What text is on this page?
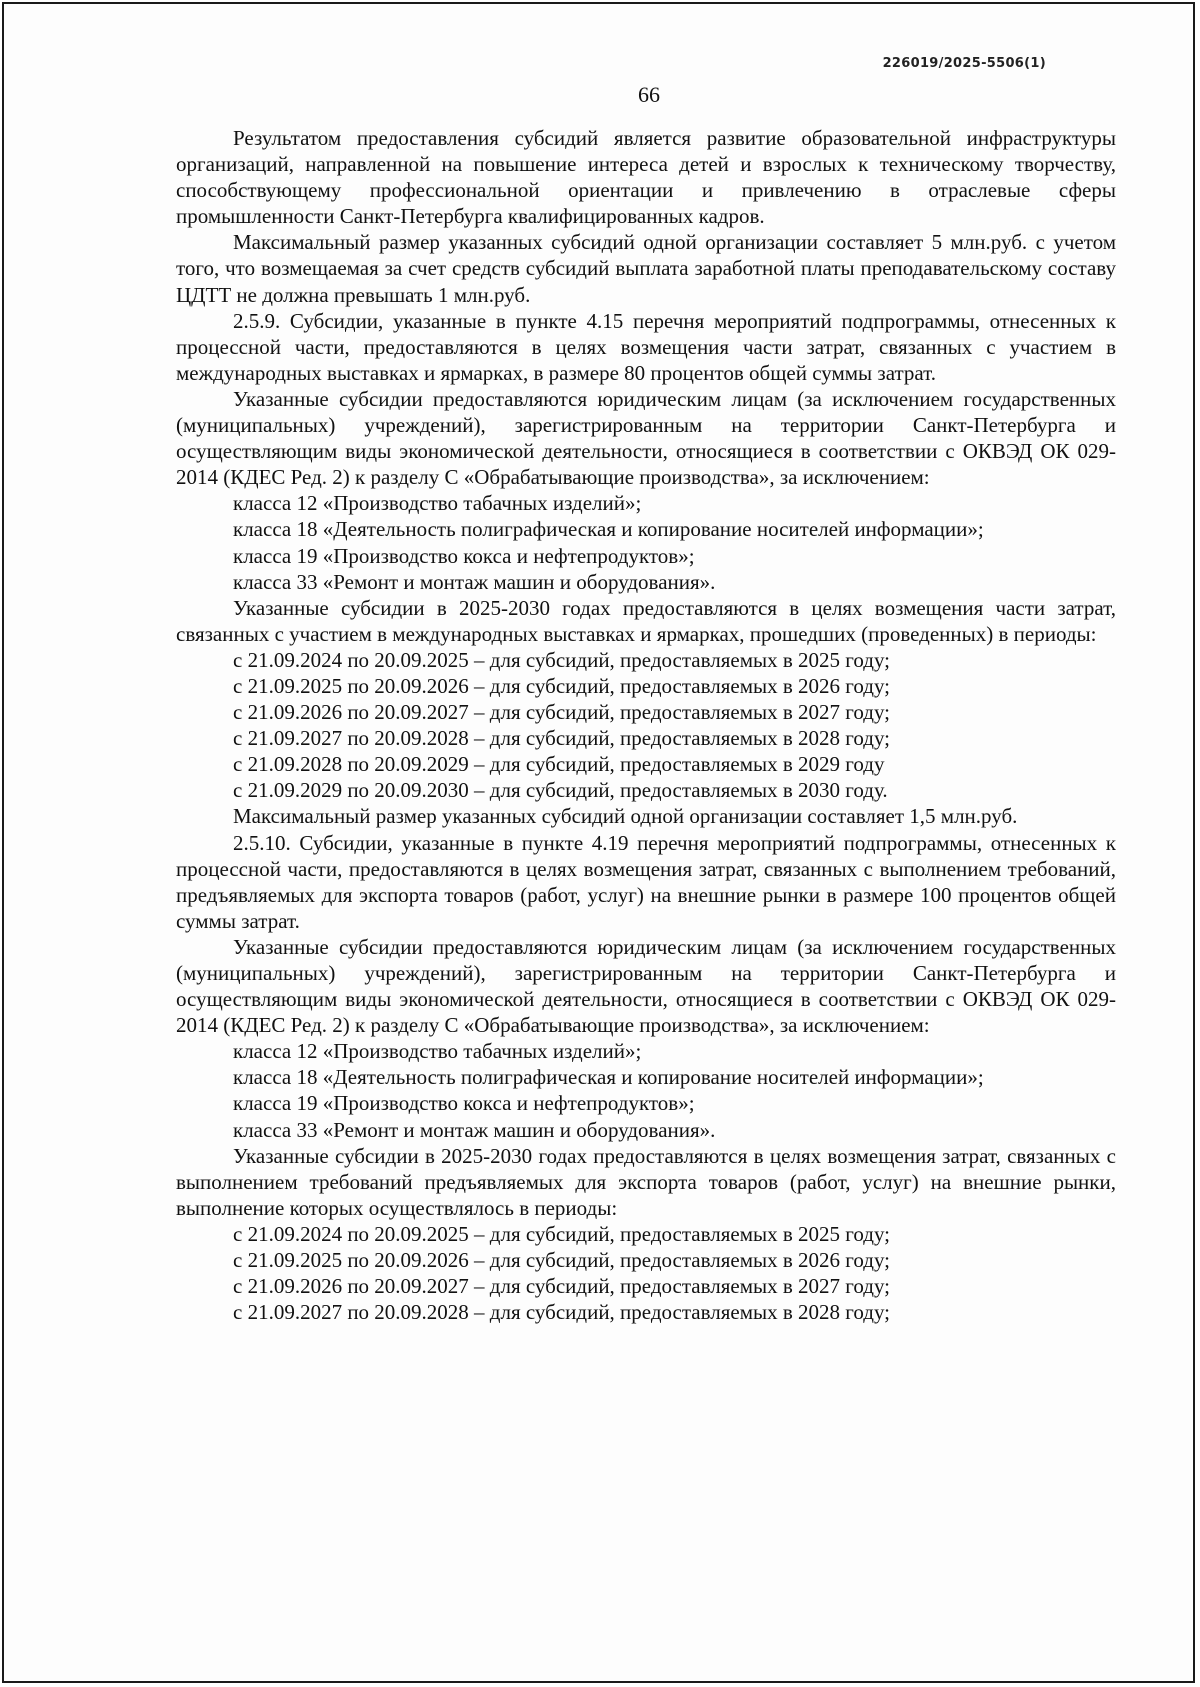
226019/2025-5506(1)
66

Результатом предоставления субсидий является развитие образовательной инфраструктуры организаций, направленной на повышение интереса детей и взрослых к техническому творчеству, способствующему профессиональной ориентации и привлечению в отраслевые сферы промышленности Санкт-Петербурга квалифицированных кадров.

Максимальный размер указанных субсидий одной организации составляет 5 млн.руб. с учетом того, что возмещаемая за счет средств субсидий выплата заработной платы преподавательскому составу ЦДТТ не должна превышать 1 млн.руб.

2.5.9. Субсидии, указанные в пункте 4.15 перечня мероприятий подпрограммы, отнесенных к процессной части, предоставляются в целях возмещения части затрат, связанных с участием в международных выставках и ярмарках, в размере 80 процентов общей суммы затрат.

Указанные субсидии предоставляются юридическим лицам (за исключением государственных (муниципальных) учреждений), зарегистрированным на территории Санкт-Петербурга и осуществляющим виды экономической деятельности, относящиеся в соответствии с ОКВЭД ОК 029-2014 (КДЕС Ред. 2) к разделу С «Обрабатывающие производства», за исключением:

класса 12 «Производство табачных изделий»;

класса 18 «Деятельность полиграфическая и копирование носителей информации»;

класса 19 «Производство кокса и нефтепродуктов»;

класса 33 «Ремонт и монтаж машин и оборудования».

Указанные субсидии в 2025-2030 годах предоставляются в целях возмещения части затрат, связанных с участием в международных выставках и ярмарках, прошедших (проведенных) в периоды:

с 21.09.2024 по 20.09.2025 – для субсидий, предоставляемых в 2025 году;

с 21.09.2025 по 20.09.2026 – для субсидий, предоставляемых в 2026 году;

с 21.09.2026 по 20.09.2027 – для субсидий, предоставляемых в 2027 году;

с 21.09.2027 по 20.09.2028 – для субсидий, предоставляемых в 2028 году;

с 21.09.2028 по 20.09.2029 – для субсидий, предоставляемых в 2029 году

с 21.09.2029 по 20.09.2030 – для субсидий, предоставляемых в 2030 году.

Максимальный размер указанных субсидий одной организации составляет 1,5 млн.руб.

2.5.10. Субсидии, указанные в пункте 4.19 перечня мероприятий подпрограммы, отнесенных к процессной части, предоставляются в целях возмещения затрат, связанных с выполнением требований, предъявляемых для экспорта товаров (работ, услуг) на внешние рынки в размере 100 процентов общей суммы затрат.

Указанные субсидии предоставляются юридическим лицам (за исключением государственных (муниципальных) учреждений), зарегистрированным на территории Санкт-Петербурга и осуществляющим виды экономической деятельности, относящиеся в соответствии с ОКВЭД ОК 029-2014 (КДЕС Ред. 2) к разделу С «Обрабатывающие производства», за исключением:

класса 12 «Производство табачных изделий»;

класса 18 «Деятельность полиграфическая и копирование носителей информации»;

класса 19 «Производство кокса и нефтепродуктов»;

класса 33 «Ремонт и монтаж машин и оборудования».

Указанные субсидии в 2025-2030 годах предоставляются в целях возмещения затрат, связанных с выполнением требований предъявляемых для экспорта товаров (работ, услуг) на внешние рынки, выполнение которых осуществлялось в периоды:

с 21.09.2024 по 20.09.2025 – для субсидий, предоставляемых в 2025 году;

с 21.09.2025 по 20.09.2026 – для субсидий, предоставляемых в 2026 году;

с 21.09.2026 по 20.09.2027 – для субсидий, предоставляемых в 2027 году;

с 21.09.2027 по 20.09.2028 – для субсидий, предоставляемых в 2028 году;
